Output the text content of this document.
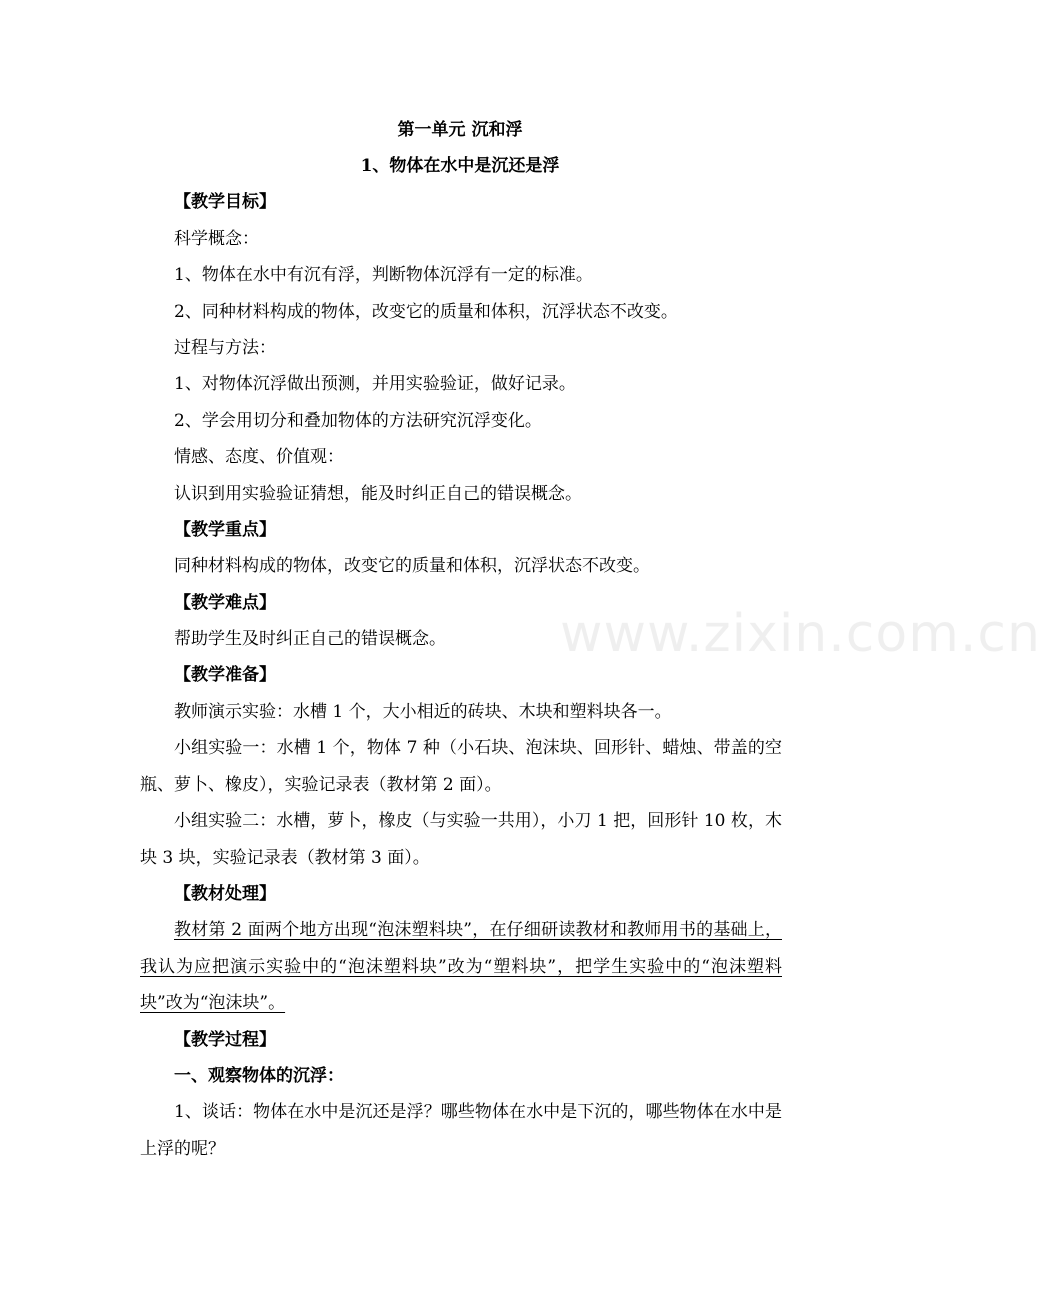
www.zixin.com.cn
第一单元 沉和浮
1、物体在水中是沉还是浮
【教学目标】
科学概念：
1、物体在水中有沉有浮，判断物体沉浮有一定的标准。
2、同种材料构成的物体，改变它的质量和体积，沉浮状态不改变。
过程与方法：
1、对物体沉浮做出预测，并用实验验证，做好记录。
2、学会用切分和叠加物体的方法研究沉浮变化。
情感、态度、价值观：
认识到用实验验证猜想，能及时纠正自己的错误概念。
【教学重点】
同种材料构成的物体，改变它的质量和体积，沉浮状态不改变。
【教学难点】
帮助学生及时纠正自己的错误概念。
【教学准备】
教师演示实验：水槽 1 个，大小相近的砖块、木块和塑料块各一。
小组实验一：水槽 1 个，物体 7 种（小石块、泡沫块、回形针、蜡烛、带盖的空瓶、萝卜、橡皮），实验记录表（教材第 2 面）。
小组实验二：水槽，萝卜，橡皮（与实验一共用），小刀 1 把，回形针 10 枚，木块 3 块，实验记录表（教材第 3 面）。
【教材处理】
教材第 2 面两个地方出现“泡沫塑料块”，在仔细研读教材和教师用书的基础上，我认为应把演示实验中的“泡沫塑料块”改为“塑料块”，把学生实验中的“泡沫塑料块”改为“泡沫块”。
【教学过程】
一、观察物体的沉浮：
1、谈话：物体在水中是沉还是浮？哪些物体在水中是下沉的，哪些物体在水中是上浮的呢？
